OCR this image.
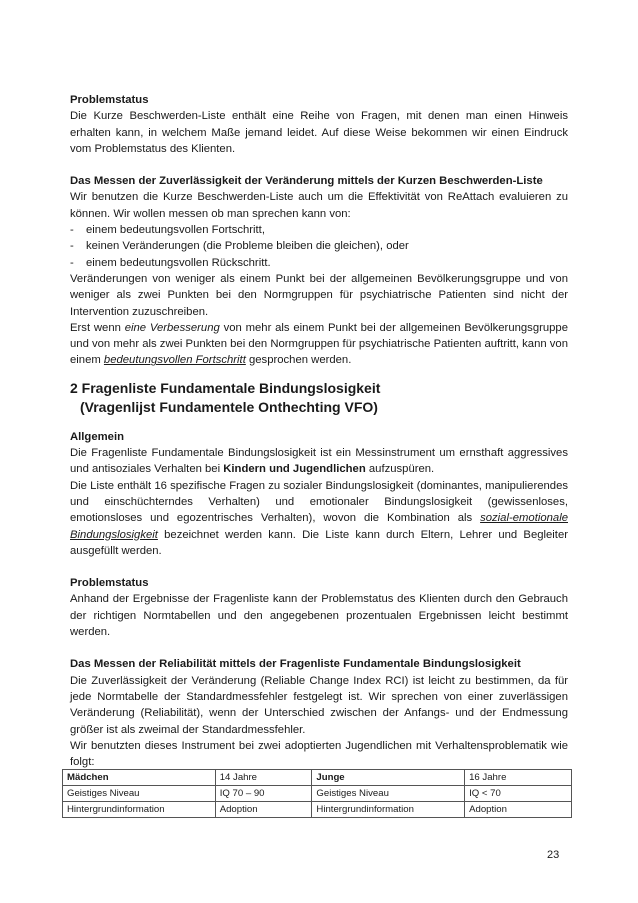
Problemstatus

Die Kurze Beschwerden-Liste enthält eine Reihe von Fragen, mit denen man einen Hinweis erhalten kann, in welchem Maße jemand leidet. Auf diese Weise bekommen wir einen Eindruck vom Problemstatus des Klienten.

Das Messen der Zuverlässigkeit der Veränderung mittels der Kurzen Beschwerden-Liste

Wir benutzen die Kurze Beschwerden-Liste auch um die Effektivität von ReAttach evaluieren zu können. Wir wollen messen ob man sprechen kann von:

- einem bedeutungsvollen Fortschritt,
- keinen Veränderungen (die Probleme bleiben die gleichen), oder
- einem bedeutungsvollen Rückschritt.

Veränderungen von weniger als einem Punkt bei der allgemeinen Bevölkerungsgruppe und von weniger als zwei Punkten bei den Normgruppen für psychiatrische Patienten sind nicht der Intervention zuzuschreiben.

Erst wenn eine Verbesserung von mehr als einem Punkt bei der allgemeinen Bevölkerungsgruppe und von mehr als zwei Punkten bei den Normgruppen für psychiatrische Patienten auftritt, kann von einem bedeutungsvollen Fortschritt gesprochen werden.

2 Fragenliste Fundamentale Bindungslosigkeit
(Vragenlijst Fundamentele Onthechting VFO)
Allgemein

Die Fragenliste Fundamentale Bindungslosigkeit ist ein Messinstrument um ernsthaft aggressives und antisoziales Verhalten bei Kindern und Jugendlichen aufzuspüren.

Die Liste enthält 16 spezifische Fragen zu sozialer Bindungslosigkeit (dominantes, manipulierendes und einschüchterndes Verhalten) und emotionaler Bindungslosigkeit (gewissenloses, emotionsloses und egozentrisches Verhalten), wovon die Kombination als sozial-emotionale Bindungslosigkeit bezeichnet werden kann. Die Liste kann durch Eltern, Lehrer und Begleiter ausgefüllt werden.

Problemstatus

Anhand der Ergebnisse der Fragenliste kann der Problemstatus des Klienten durch den Gebrauch der richtigen Normtabellen und den angegebenen prozentualen Ergebnissen leicht bestimmt werden.

Das Messen der Reliabilität mittels der Fragenliste Fundamentale Bindungslosigkeit

Die Zuverlässigkeit der Veränderung (Reliable Change Index RCI) ist leicht zu bestimmen, da für jede Normtabelle der Standardmessfehler festgelegt ist. Wir sprechen von einer zuverlässigen Veränderung (Reliabilität), wenn der Unterschied zwischen der Anfangs- und der Endmessung größer ist als zweimal der Standardmessfehler.

Wir benutzten dieses Instrument bei zwei adoptierten Jugendlichen mit Verhaltensproblematik wie folgt:

Mädchen	14 Jahre	Junge	16 Jahre
Geistiges Niveau	IQ 70 – 90	Geistiges Niveau	IQ < 70
Hintergrundinformation	Adoption	Hintergrundinformation	Adoption
23
